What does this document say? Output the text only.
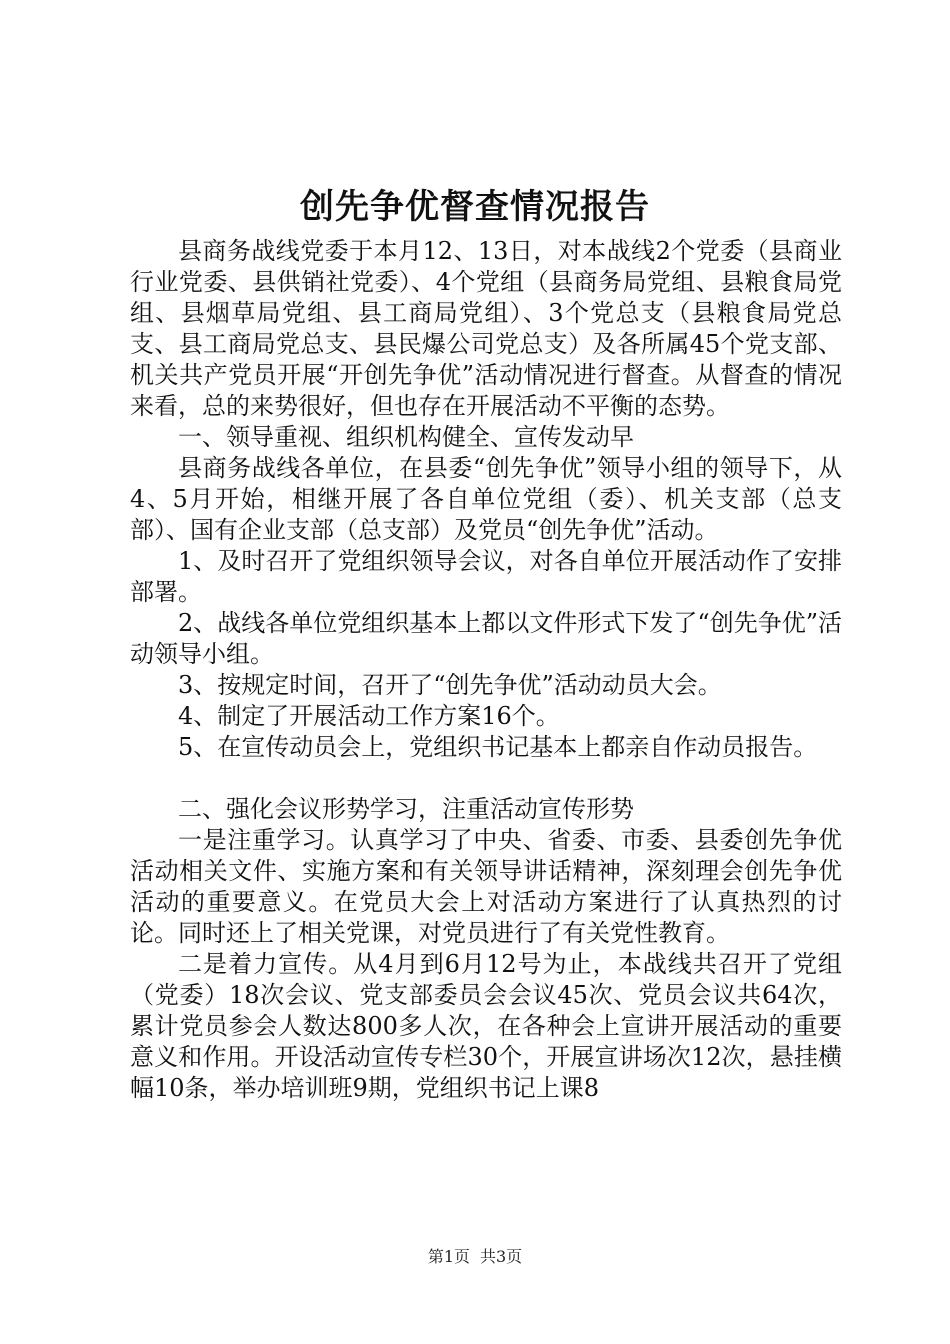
创先争优督查情况报告

县商务战线党委于本月12、13日，对本战线2个党委（县商业行业党委、县供销社党委）、4个党组（县商务局党组、县粮食局党组、县烟草局党组、县工商局党组）、3个党总支（县粮食局党总支、县工商局党总支、县民爆公司党总支）及各所属45个党支部、机关共产党员开展“开创先争优”活动情况进行督查。从督查的情况来看，总的来势很好，但也存在开展活动不平衡的态势。

一、领导重视、组织机构健全、宣传发动早

县商务战线各单位，在县委“创先争优”领导小组的领导下，从4、5月开始，相继开展了各自单位党组（委）、机关支部（总支部）、国有企业支部（总支部）及党员“创先争优”活动。

1、及时召开了党组织领导会议，对各自单位开展活动作了安排部署。

2、战线各单位党组织基本上都以文件形式下发了“创先争优”活动领导小组。

3、按规定时间，召开了“创先争优”活动动员大会。

4、制定了开展活动工作方案16个。

5、在宣传动员会上，党组织书记基本上都亲自作动员报告。

二、强化会议形势学习，注重活动宣传形势

一是注重学习。认真学习了中央、省委、市委、县委创先争优活动相关文件、实施方案和有关领导讲话精神，深刻理会创先争优活动的重要意义。在党员大会上对活动方案进行了认真热烈的讨论。同时还上了相关党课，对党员进行了有关党性教育。

二是着力宣传。从4月到6月12号为止，本战线共召开了党组（党委）18次会议、党支部委员会会议45次、党员会议共64次，累计党员参会人数达800多人次，在各种会上宣讲开展活动的重要意义和作用。开设活动宣传专栏30个，开展宣讲场次12次，悬挂横幅10条，举办培训班9期，党组织书记上课8

第1页 共3页
